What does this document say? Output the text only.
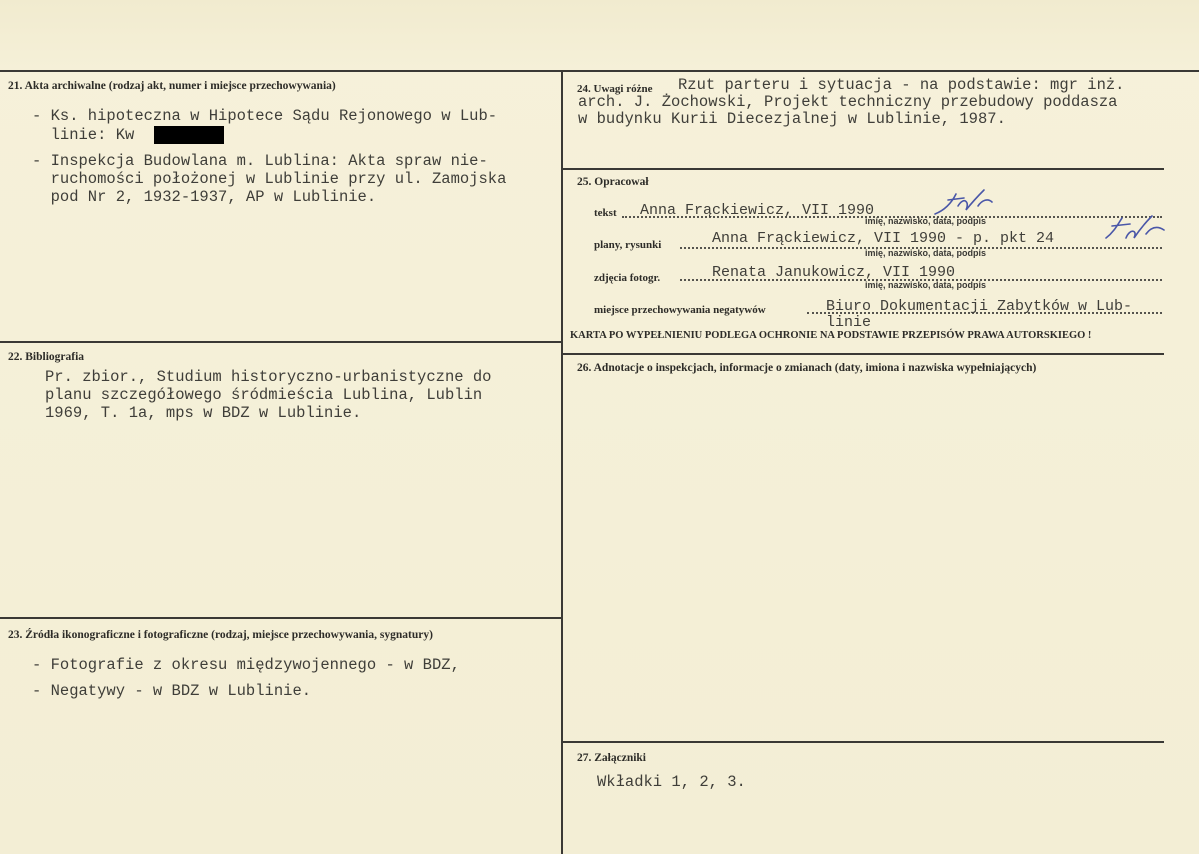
21. Akta archiwalne (rodzaj akt, numer i miejsce przechowywania)
- Ks. hipoteczna w Hipotece Sądu Rejonowego w Lub-
linie: Kw
- Inspekcja Budowlana m. Lublina: Akta spraw nie-
ruchomości położonej w Lublinie przy ul. Zamojska
pod Nr 2, 1932-1937, AP w Lublinie.
22. Bibliografia
Pr. zbior., Studium historyczno-urbanistyczne do
planu szczegółowego śródmieścia Lublina, Lublin
1969, T. 1a, mps w BDZ w Lublinie.
23. Źródła ikonograficzne i fotograficzne (rodzaj, miejsce przechowywania, sygnatury)
- Fotografie z okresu międzywojennego - w BDZ,
- Negatywy - w BDZ w Lublinie.
24. Uwagi różne Rzut parteru i sytuacja - na podstawie: mgr inż.
arch. J. Żochowski, Projekt techniczny przebudowy poddasza
w budynku Kurii Diecezjalnej w Lublinie, 1987.
25. Opracował
tekst Anna Frąckiewicz, VII 1990
imię, nazwisko, data, podpis
plany, rysunki	Anna Frąckiewicz, VII 1990 - p. pkt 24
imię, nazwisko, data, podpis
zdjęcia fotogr.	Renata Janukowicz, VII 1990
imię, nazwisko, data, podpis
miejsce przechowywania negatywów	Biuro Dokumentacji Zabytków w Lub-
linie
KARTA PO WYPEŁNIENIU PODLEGA OCHRONIE NA PODSTAWIE PRZEPISÓW PRAWA AUTORSKIEGO !
26. Adnotacje o inspekcjach, informacje o zmianach (daty, imiona i nazwiska wypełniających)
27. Załączniki
Wkładki 1, 2, 3.
